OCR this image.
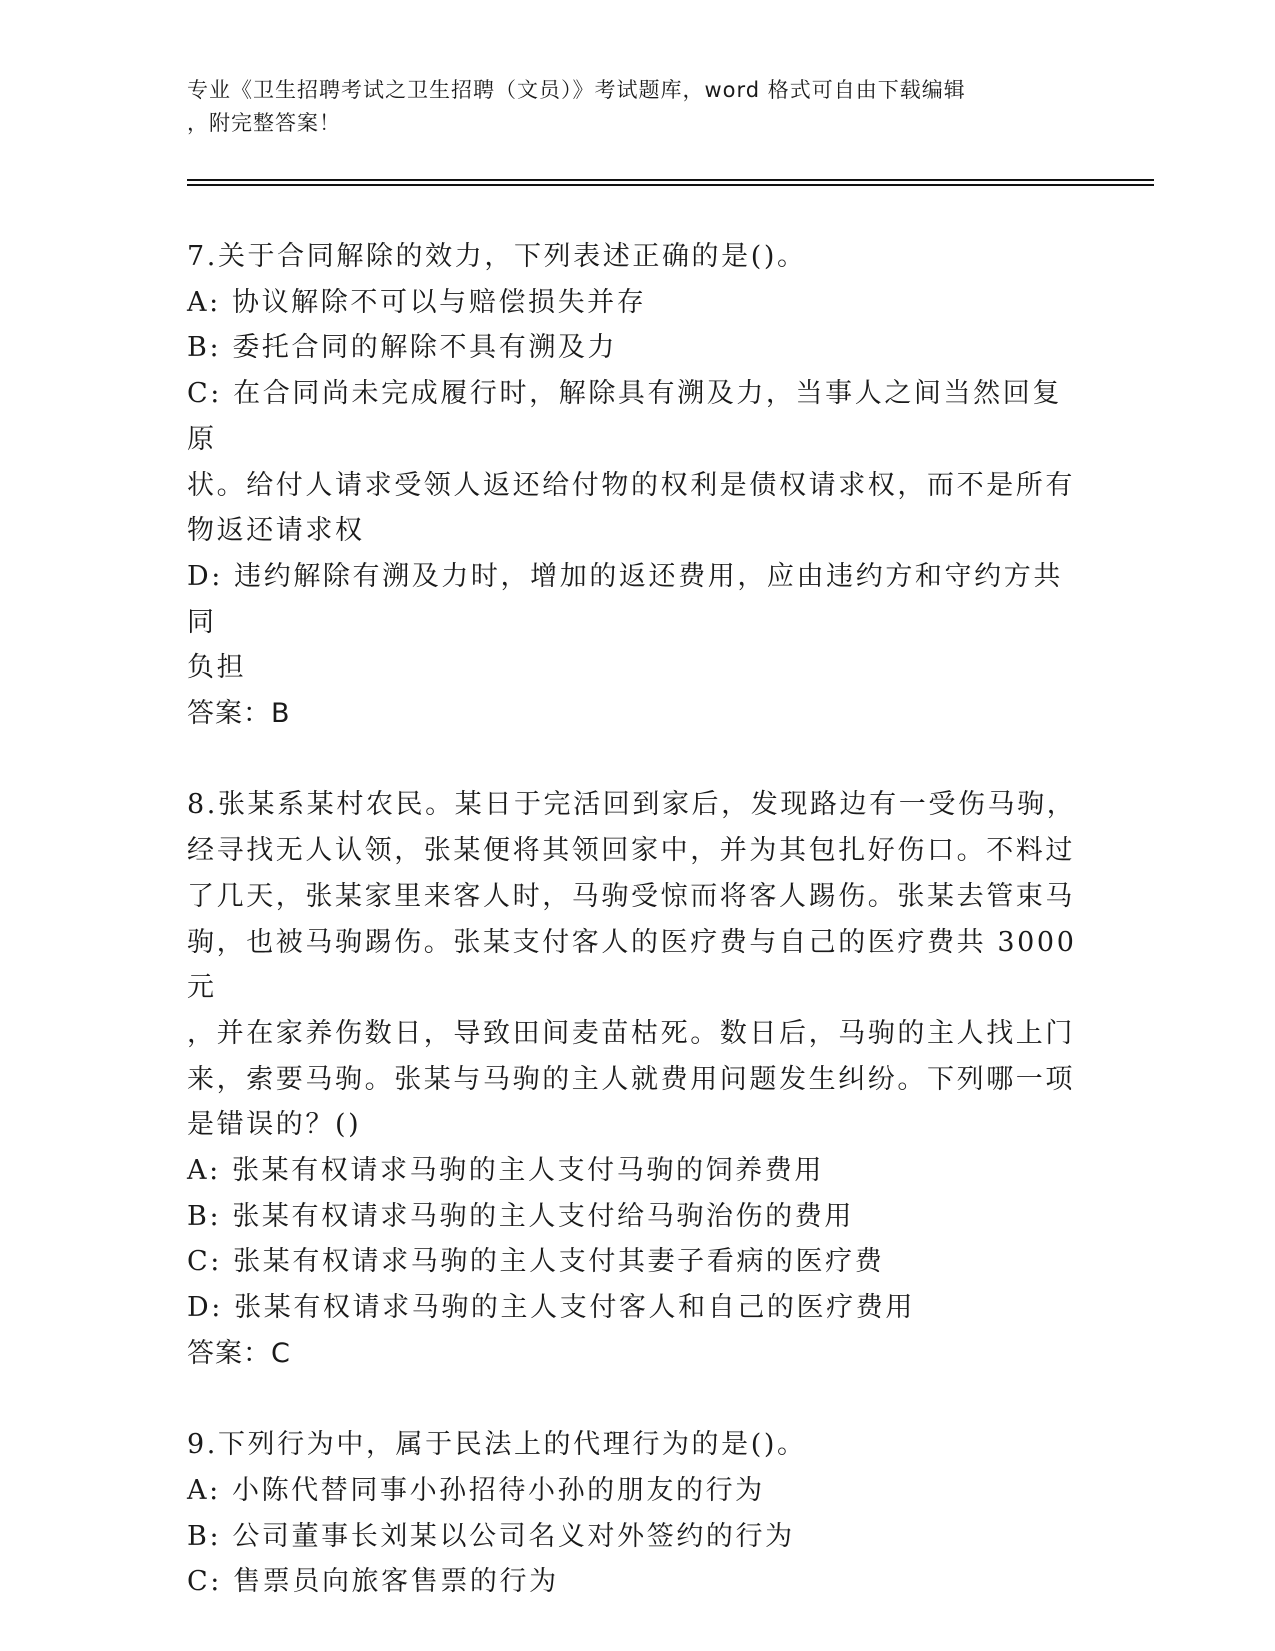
专业《卫生招聘考试之卫生招聘（文员）》考试题库，word 格式可自由下载编辑

，附完整答案！

7.关于合同解除的效力，下列表述正确的是()。

A: 协议解除不可以与赔偿损失并存

B: 委托合同的解除不具有溯及力

C: 在合同尚未完成履行时，解除具有溯及力，当事人之间当然回复原

状。给付人请求受领人返还给付物的权利是债权请求权，而不是所有

物返还请求权

D: 违约解除有溯及力时，增加的返还费用，应由违约方和守约方共同

负担

答案：B

8.张某系某村农民。某日于完活回到家后，发现路边有一受伤马驹，

经寻找无人认领，张某便将其领回家中，并为其包扎好伤口。不料过

了几天，张某家里来客人时，马驹受惊而将客人踢伤。张某去管束马

驹，也被马驹踢伤。张某支付客人的医疗费与自己的医疗费共 3000 元

，并在家养伤数日，导致田间麦苗枯死。数日后，马驹的主人找上门

来，索要马驹。张某与马驹的主人就费用问题发生纠纷。下列哪一项

是错误的？()

A: 张某有权请求马驹的主人支付马驹的饲养费用

B: 张某有权请求马驹的主人支付给马驹治伤的费用

C: 张某有权请求马驹的主人支付其妻子看病的医疗费

D: 张某有权请求马驹的主人支付客人和自己的医疗费用

答案：C

9.下列行为中，属于民法上的代理行为的是()。

A: 小陈代替同事小孙招待小孙的朋友的行为

B: 公司董事长刘某以公司名义对外签约的行为

C: 售票员向旅客售票的行为
